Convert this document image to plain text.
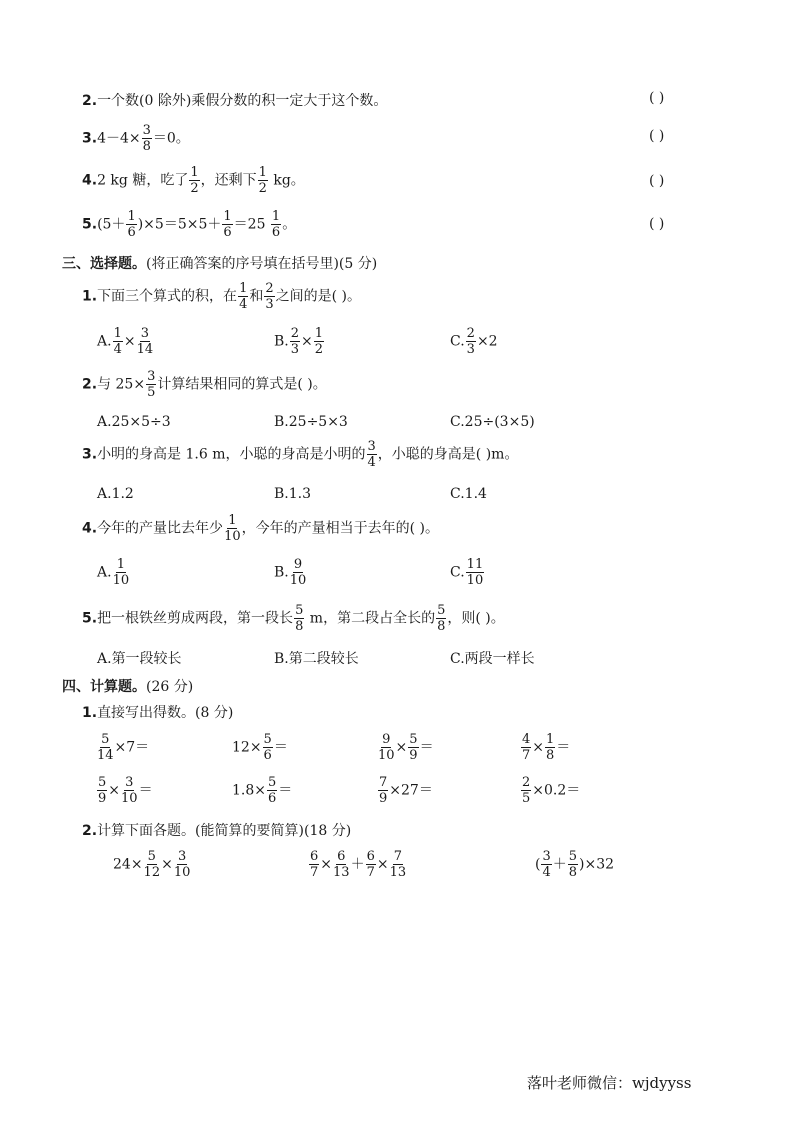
2.一个数(0 除外)乘假分数的积一定大于这个数。	( )
$3.4-4\times \frac{3}{8} =0$。	( )
4.2 kg 糖，吃了 $\frac{1}{2}$ ，还剩下 $\frac{1}{2}$ kg。	( )
$5.(5+ \frac{1}{6} )\times 5=5\times 5+ \frac{1}{6} =25 \frac{1}{6}$ 。	( )
三、选择题。(将正确答案的序号填在括号里)(5 分)
1.下面三个算式的积，在 $\frac{1}{4}$ 和 $\frac{2}{3}$ 之间的是( )。
A. $\frac{1}{4} \times \frac{3}{14}$	B. $\frac{2}{3} \times \frac{1}{2}$	C. $\frac{2}{3} \times 2$
2.与 $25\times \frac{3}{5}$ 计算结果相同的算式是( )。
A.25×5÷3	B.25÷5×3	C.25÷(3×5)
3.小明的身高是 1.6 m，小聪的身高是小明的 $\frac{3}{4}$ ，小聪的身高是( )m。
A.1.2	B.1.3	C.1.4
4.今年的产量比去年少 $\frac{1}{10}$ ，今年的产量相当于去年的( )。
A. $\frac{1}{10}$	B. $\frac{9}{10}$	C. $\frac{11}{10}$
5.把一根铁丝剪成两段，第一段长 $\frac{5}{8}$ m，第二段占全长的 $\frac{5}{8}$ ，则( )。
A.第一段较长	B.第二段较长	C.两段一样长
四、计算题。(26 分)
1.直接写出得数。(8 分)
$\frac{5}{14} \times 7=$	$12\times \frac{5}{6}$ ＝	$\frac{9}{10} \times \frac{5}{9}$ ＝	$\frac{4}{7} \times \frac{1}{8}$ ＝
$\frac{5}{9} \times \frac{3}{10}$ ＝	$1.8\times \frac{5}{6}$ ＝	$\frac{7}{9} \times 27=$	$\frac{2}{5} \times 0.2=$
2.计算下面各题。(能简算的要简算)(18 分)
$24\times \frac{5}{12} \times \frac{3}{10}$	$\frac{6}{7} \times \frac{6}{13} + \frac{6}{7} \times \frac{7}{13}$	( $\frac{3}{4} + \frac{5}{8} )\times 32$
落叶老师微信：wjdyyss
